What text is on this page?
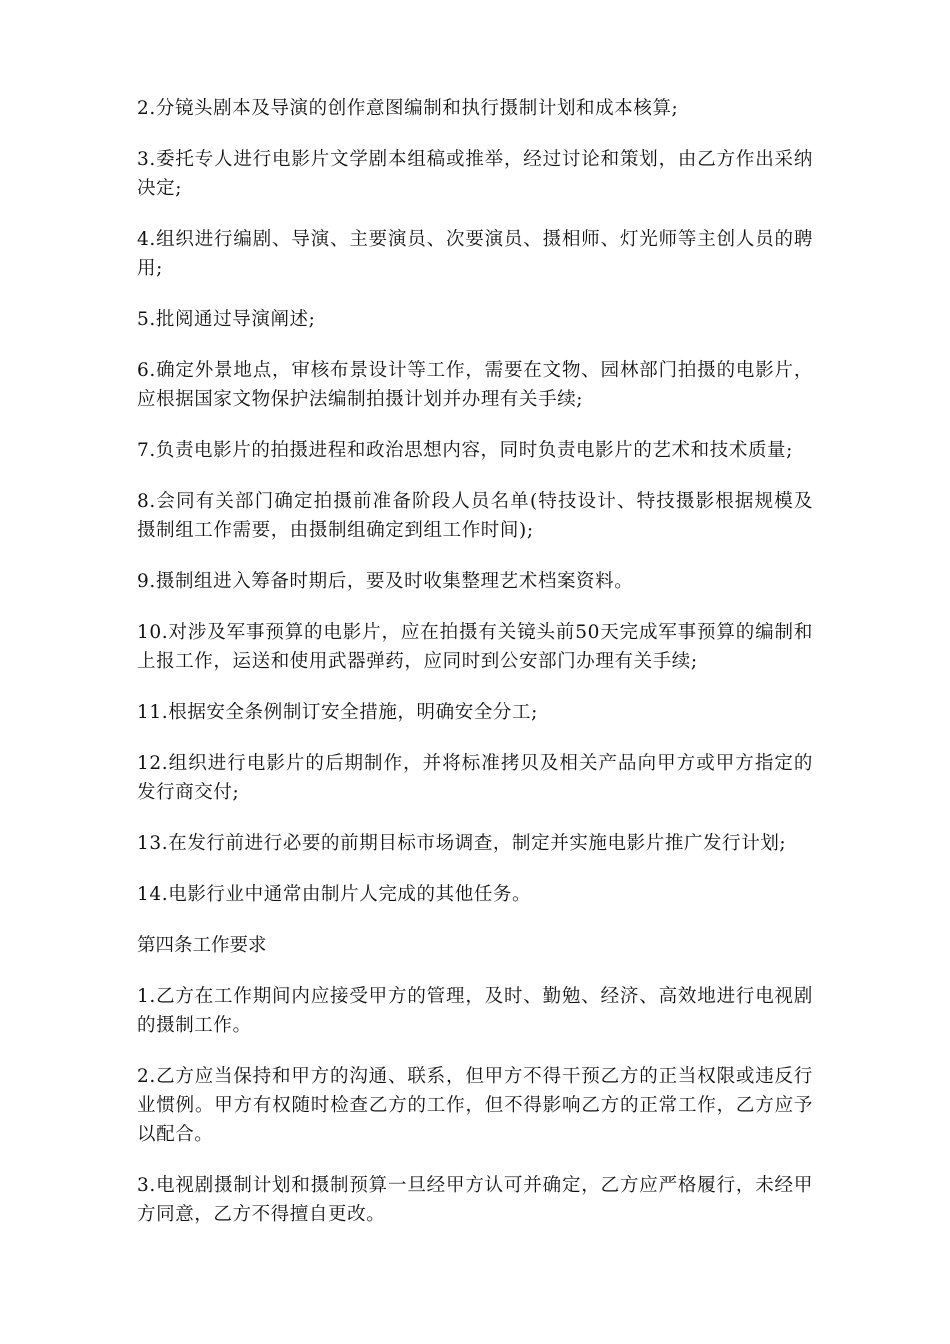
2.分镜头剧本及导演的创作意图编制和执行摄制计划和成本核算;

3.委托专人进行电影片文学剧本组稿或推举，经过讨论和策划，由乙方作出采纳决定;

4.组织进行编剧、导演、主要演员、次要演员、摄相师、灯光师等主创人员的聘用;

5.批阅通过导演阐述;

6.确定外景地点，审核布景设计等工作，需要在文物、园林部门拍摄的电影片，应根据国家文物保护法编制拍摄计划并办理有关手续;

7.负责电影片的拍摄进程和政治思想内容，同时负责电影片的艺术和技术质量;

8.会同有关部门确定拍摄前准备阶段人员名单(特技设计、特技摄影根据规模及摄制组工作需要，由摄制组确定到组工作时间);

9.摄制组进入筹备时期后，要及时收集整理艺术档案资料。

10.对涉及军事预算的电影片，应在拍摄有关镜头前50天完成军事预算的编制和上报工作，运送和使用武器弹药，应同时到公安部门办理有关手续;

11.根据安全条例制订安全措施，明确安全分工;

12.组织进行电影片的后期制作，并将标准拷贝及相关产品向甲方或甲方指定的发行商交付;

13.在发行前进行必要的前期目标市场调查，制定并实施电影片推广发行计划;

14.电影行业中通常由制片人完成的其他任务。

第四条工作要求

1.乙方在工作期间内应接受甲方的管理，及时、勤勉、经济、高效地进行电视剧的摄制工作。

2.乙方应当保持和甲方的沟通、联系，但甲方不得干预乙方的正当权限或违反行业惯例。甲方有权随时检查乙方的工作，但不得影响乙方的正常工作，乙方应予以配合。

3.电视剧摄制计划和摄制预算一旦经甲方认可并确定，乙方应严格履行，未经甲方同意，乙方不得擅自更改。
